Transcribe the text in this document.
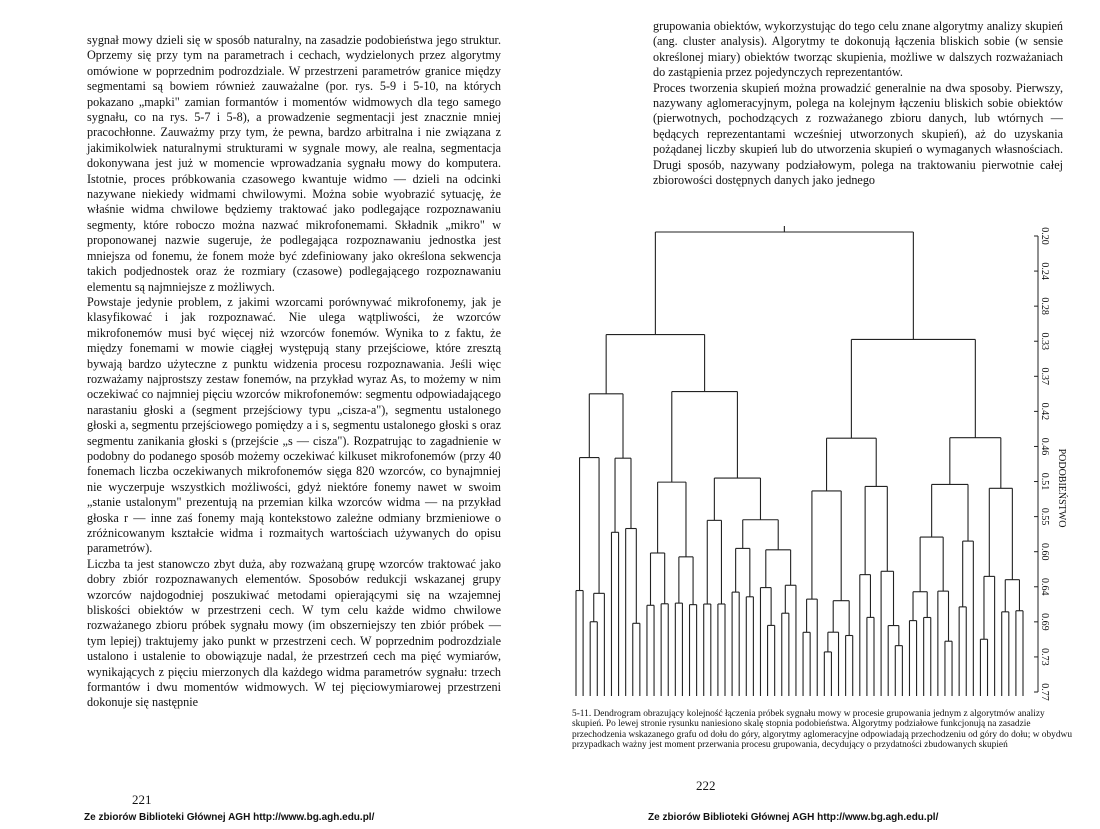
sygnał mowy dzieli się w sposób naturalny, na zasadzie podobieństwa jego struktur. Oprzemy się przy tym na parametrach i cechach, wydzielonych przez algorytmy omówione w poprzednim podrozdziale. W przestrzeni parametrów granice między segmentami są bowiem również zauważalne (por. rys. 5-9 i 5-10, na których pokazano „mapki" zamian formantów i momentów widmowych dla tego samego sygnału, co na rys. 5-7 i 5-8), a prowadzenie segmentacji jest znacznie mniej pracochłonne. Zauważmy przy tym, że pewna, bardzo arbitralna i nie związana z jakimikolwiek naturalnymi strukturami w sygnale mowy, ale realna, segmentacja dokonywana jest już w momencie wprowadzania sygnału mowy do komputera. Istotnie, proces próbkowania czasowego kwantuje widmo — dzieli na odcinki nazywane niekiedy widmami chwilowymi. Można sobie wyobrazić sytuację, że właśnie widma chwilowe będziemy traktować jako podlegające rozpoznawaniu segmenty, które roboczo można nazwać mikrofonemami. Składnik „mikro" w proponowanej nazwie sugeruje, że podlegająca rozpoznawaniu jednostka jest mniejsza od fonemu, że fonem może być zdefiniowany jako określona sekwencja takich podjednostek oraz że rozmiary (czasowe) podlegającego rozpoznawaniu elementu są najmniejsze z możliwych.

Powstaje jedynie problem, z jakimi wzorcami porównywać mikrofonemy, jak je klasyfikować i jak rozpoznawać. Nie ulega wątpliwości, że wzorców mikrofonemów musi być więcej niż wzorców fonemów. Wynika to z faktu, że między fonemami w mowie ciągłej występują stany przejściowe, które zresztą bywają bardzo użyteczne z punktu widzenia procesu rozpoznawania. Jeśli więc rozważamy najprostszy zestaw fonemów, na przykład wyraz As, to możemy w nim oczekiwać co najmniej pięciu wzorców mikrofonemów: segmentu odpowiadającego narastaniu głoski a (segment przejściowy typu „cisza-a"), segmentu ustalonego głoski a, segmentu przejściowego pomiędzy a i s, segmentu ustalonego głoski s oraz segmentu zanikania głoski s (przejście „s — cisza"). Rozpatrując to zagadnienie w podobny do podanego sposób możemy oczekiwać kilkuset mikrofonemów (przy 40 fonemach liczba oczekiwanych mikrofonemów sięga 820 wzorców, co bynajmniej nie wyczerpuje wszystkich możliwości, gdyż niektóre fonemy nawet w swoim „stanie ustalonym" prezentują na przemian kilka wzorców widma — na przykład głoska r — inne zaś fonemy mają kontekstowo zależne odmiany brzmieniowe o zróżnicowanym kształcie widma i rozmaitych wartościach używanych do opisu parametrów).

Liczba ta jest stanowczo zbyt duża, aby rozważaną grupę wzorców traktować jako dobry zbiór rozpoznawanych elementów. Sposobów redukcji wskazanej grupy wzorców najdogodniej poszukiwać metodami opierającymi się na wzajemnej bliskości obiektów w przestrzeni cech. W tym celu każde widmo chwilowe rozważanego zbioru próbek sygnału mowy (im obszerniejszy ten zbiór próbek — tym lepiej) traktujemy jako punkt w przestrzeni cech. W poprzednim podrozdziale ustalono i ustalenie to obowiązuje nadal, że przestrzeń cech ma pięć wymiarów, wynikających z pięciu mierzonych dla każdego widma parametrów sygnału: trzech formantów i dwu momentów widmowych. W tej pięciowymiarowej przestrzeni dokonuje się następnie

221
Ze zbiorów Biblioteki Głównej AGH http://www.bg.agh.edu.pl/

grupowania obiektów, wykorzystując do tego celu znane algorytmy analizy skupień (ang. cluster analysis). Algorytmy te dokonują łączenia bliskich sobie (w sensie określonej miary) obiektów tworząc skupienia, możliwe w dalszych rozważaniach do zastąpienia przez pojedynczych reprezentantów.

Proces tworzenia skupień można prowadzić generalnie na dwa sposoby. Pierwszy, nazywany aglomeracyjnym, polega na kolejnym łączeniu bliskich sobie obiektów (pierwotnych, pochodzących z rozważanego zbioru danych, lub wtórnych — będących reprezentantami wcześniej utworzonych skupień), aż do uzyskania pożądanej liczby skupień lub do utworzenia skupień o wymaganych własnościach. Drugi sposób, nazywany podziałowym, polega na traktowaniu pierwotnie całej zbiorowości dostępnych danych jako jednego

0.20
0.24
0.28
0.33
0.37
0.42
0.46
0.51
0.55
0.60
0.64
0.69
0.73
0.77
PODOBIEŃSTWO
5-11. Dendrogram obrazujący kolejność łączenia próbek sygnału mowy w procesie grupowania jednym z algorytmów analizy skupień. Po lewej stronie rysunku naniesiono skalę stopnia podobieństwa. Algorytmy podziałowe funkcjonują na zasadzie przechodzenia wskazanego grafu od dołu do góry, algorytmy aglomeracyjne odpowiadają przechodzeniu od góry do dołu; w obydwu przypadkach ważny jest moment przerwania procesu grupowania, decydujący o przydatności zbudowanych skupień
222
Ze zbiorów Biblioteki Głównej AGH http://www.bg.agh.edu.pl/
